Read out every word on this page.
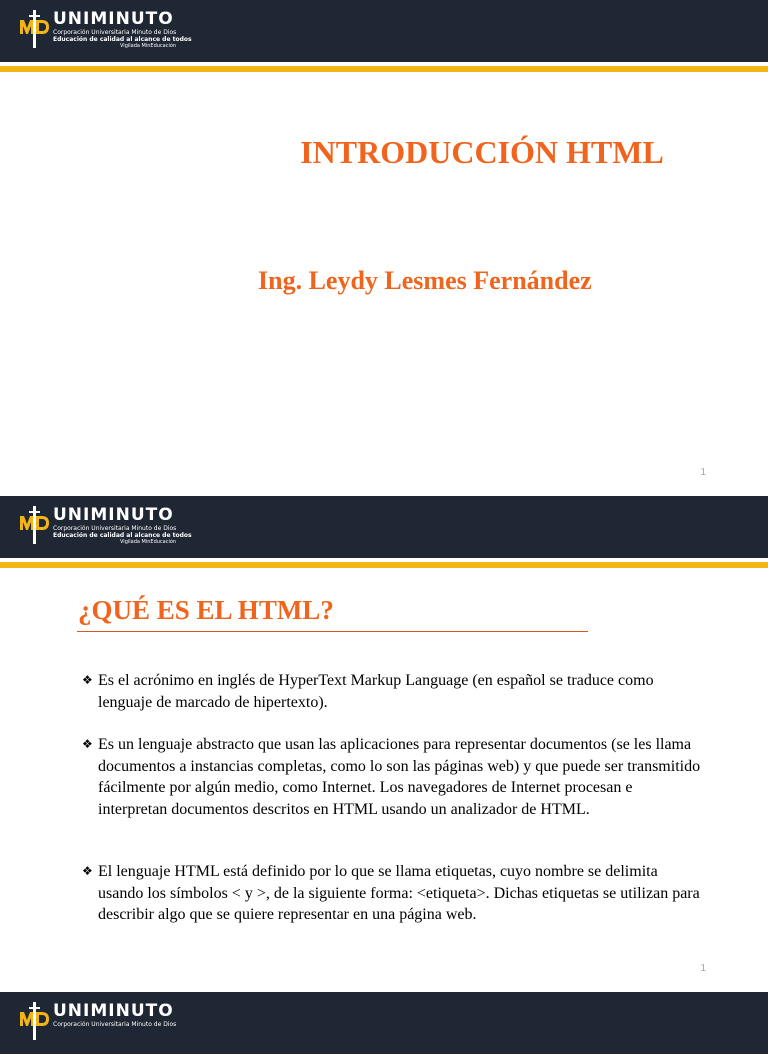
UNIMINUTO
Corporación Universitaria Minuto de Dios
Educación de calidad al alcance de todos
Vigilada MinEducación
INTRODUCCIÓN HTML
Ing. Leydy Lesmes Fernández
1
UNIMINUTO
Corporación Universitaria Minuto de Dios
Educación de calidad al alcance de todos
Vigilada MinEducación
¿QUÉ ES EL HTML?
❖ Es el acrónimo en inglés de HyperText Markup Language (en español se traduce como lenguaje de marcado de hipertexto).
❖ Es un lenguaje abstracto que usan las aplicaciones para representar documentos (se les llama documentos a instancias completas, como lo son las páginas web) y que puede ser transmitido fácilmente por algún medio, como Internet. Los navegadores de Internet procesan e interpretan documentos descritos en HTML usando un analizador de HTML.
❖ El lenguaje HTML está definido por lo que se llama etiquetas, cuyo nombre se delimita usando los símbolos < y >, de la siguiente forma: <etiqueta>. Dichas etiquetas se utilizan para describir algo que se quiere representar en una página web.
1
UNIMINUTO
Corporación Universitaria Minuto de Dios
